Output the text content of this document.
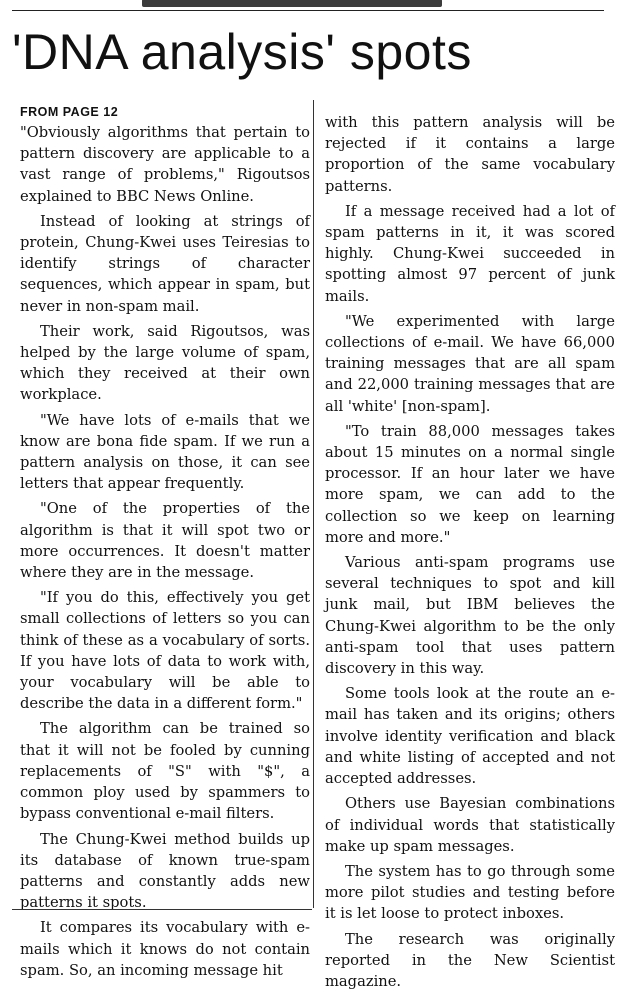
'DNA analysis' spots
FROM PAGE 12

"Obviously algorithms that pertain to pattern discovery are applicable to a vast range of problems," Rigoutsos explained to BBC News Online.

Instead of looking at strings of protein, Chung-Kwei uses Teiresias to identify strings of character sequences, which appear in spam, but never in non-spam mail.

Their work, said Rigoutsos, was helped by the large volume of spam, which they received at their own workplace.

"We have lots of e-mails that we know are bona fide spam. If we run a pattern analysis on those, it can see letters that appear frequently.

"One of the properties of the algorithm is that it will spot two or more occurrences. It doesn't matter where they are in the message.

"If you do this, effectively you get small collections of letters so you can think of these as a vocabulary of sorts. If you have lots of data to work with, your vocabulary will be able to describe the data in a different form."

The algorithm can be trained so that it will not be fooled by cunning replacements of "S" with "$", a common ploy used by spammers to bypass conventional e-mail filters.

The Chung-Kwei method builds up its database of known true-spam patterns and constantly adds new patterns it spots.

It compares its vocabulary with e-mails which it knows do not contain spam. So, an incoming message hit

with this pattern analysis will be rejected if it contains a large proportion of the same vocabulary patterns.

If a message received had a lot of spam patterns in it, it was scored highly. Chung-Kwei succeeded in spotting almost 97 percent of junk mails.

"We experimented with large collections of e-mail. We have 66,000 training messages that are all spam and 22,000 training messages that are all 'white' [non-spam].

"To train 88,000 messages takes about 15 minutes on a normal single processor. If an hour later we have more spam, we can add to the collection so we keep on learning more and more."

Various anti-spam programs use several techniques to spot and kill junk mail, but IBM believes the Chung-Kwei algorithm to be the only anti-spam tool that uses pattern discovery in this way.

Some tools look at the route an e-mail has taken and its origins; others involve identity verification and black and white listing of accepted and not accepted addresses.

Others use Bayesian combinations of individual words that statistically make up spam messages.

The system has to go through some more pilot studies and testing before it is let loose to protect inboxes.

The research was originally reported in the New Scientist magazine.
